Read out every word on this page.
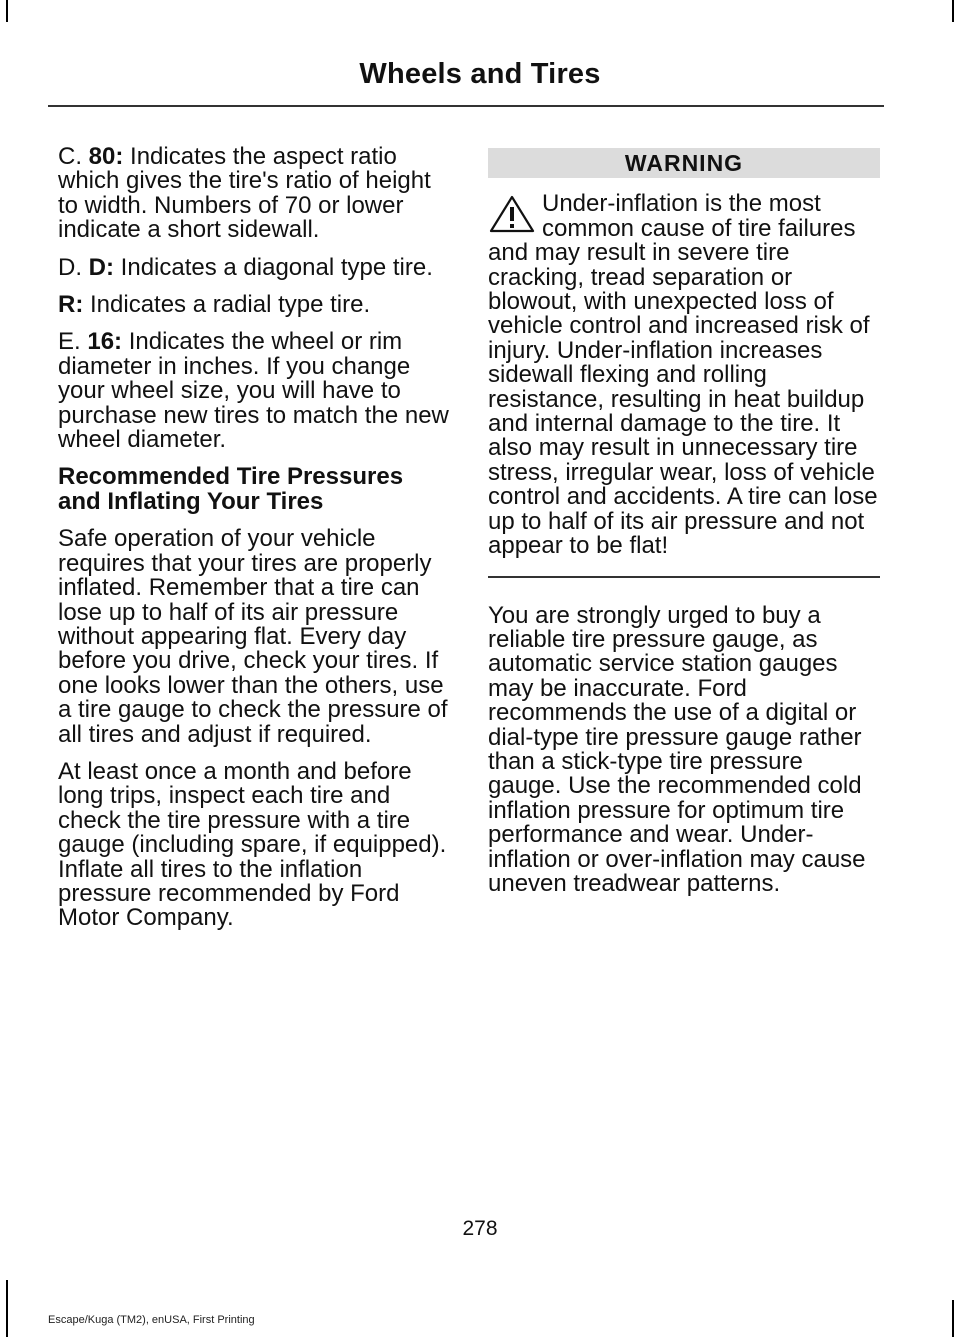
Wheels and Tires

C. 80: Indicates the aspect ratio which gives the tire's ratio of height to width. Numbers of 70 or lower indicate a short sidewall.

D. D: Indicates a diagonal type tire.

R: Indicates a radial type tire.

E. 16: Indicates the wheel or rim diameter in inches. If you change your wheel size, you will have to purchase new tires to match the new wheel diameter.

Recommended Tire Pressures and Inflating Your Tires

Safe operation of your vehicle requires that your tires are properly inflated. Remember that a tire can lose up to half of its air pressure without appearing flat. Every day before you drive, check your tires. If one looks lower than the others, use a tire gauge to check the pressure of all tires and adjust if required.

At least once a month and before long trips, inspect each tire and check the tire pressure with a tire gauge (including spare, if equipped). Inflate all tires to the inflation pressure recommended by Ford Motor Company.

WARNING

Under-inflation is the most common cause of tire failures and may result in severe tire cracking, tread separation or blowout, with unexpected loss of vehicle control and increased risk of injury. Under-inflation increases sidewall flexing and rolling resistance, resulting in heat buildup and internal damage to the tire. It also may result in unnecessary tire stress, irregular wear, loss of vehicle control and accidents. A tire can lose up to half of its air pressure and not appear to be flat!

You are strongly urged to buy a reliable tire pressure gauge, as automatic service station gauges may be inaccurate. Ford recommends the use of a digital or dial-type tire pressure gauge rather than a stick-type tire pressure gauge. Use the recommended cold inflation pressure for optimum tire performance and wear. Under-inflation or over-inflation may cause uneven treadwear patterns.

278
Escape/Kuga (TM2), enUSA, First Printing
